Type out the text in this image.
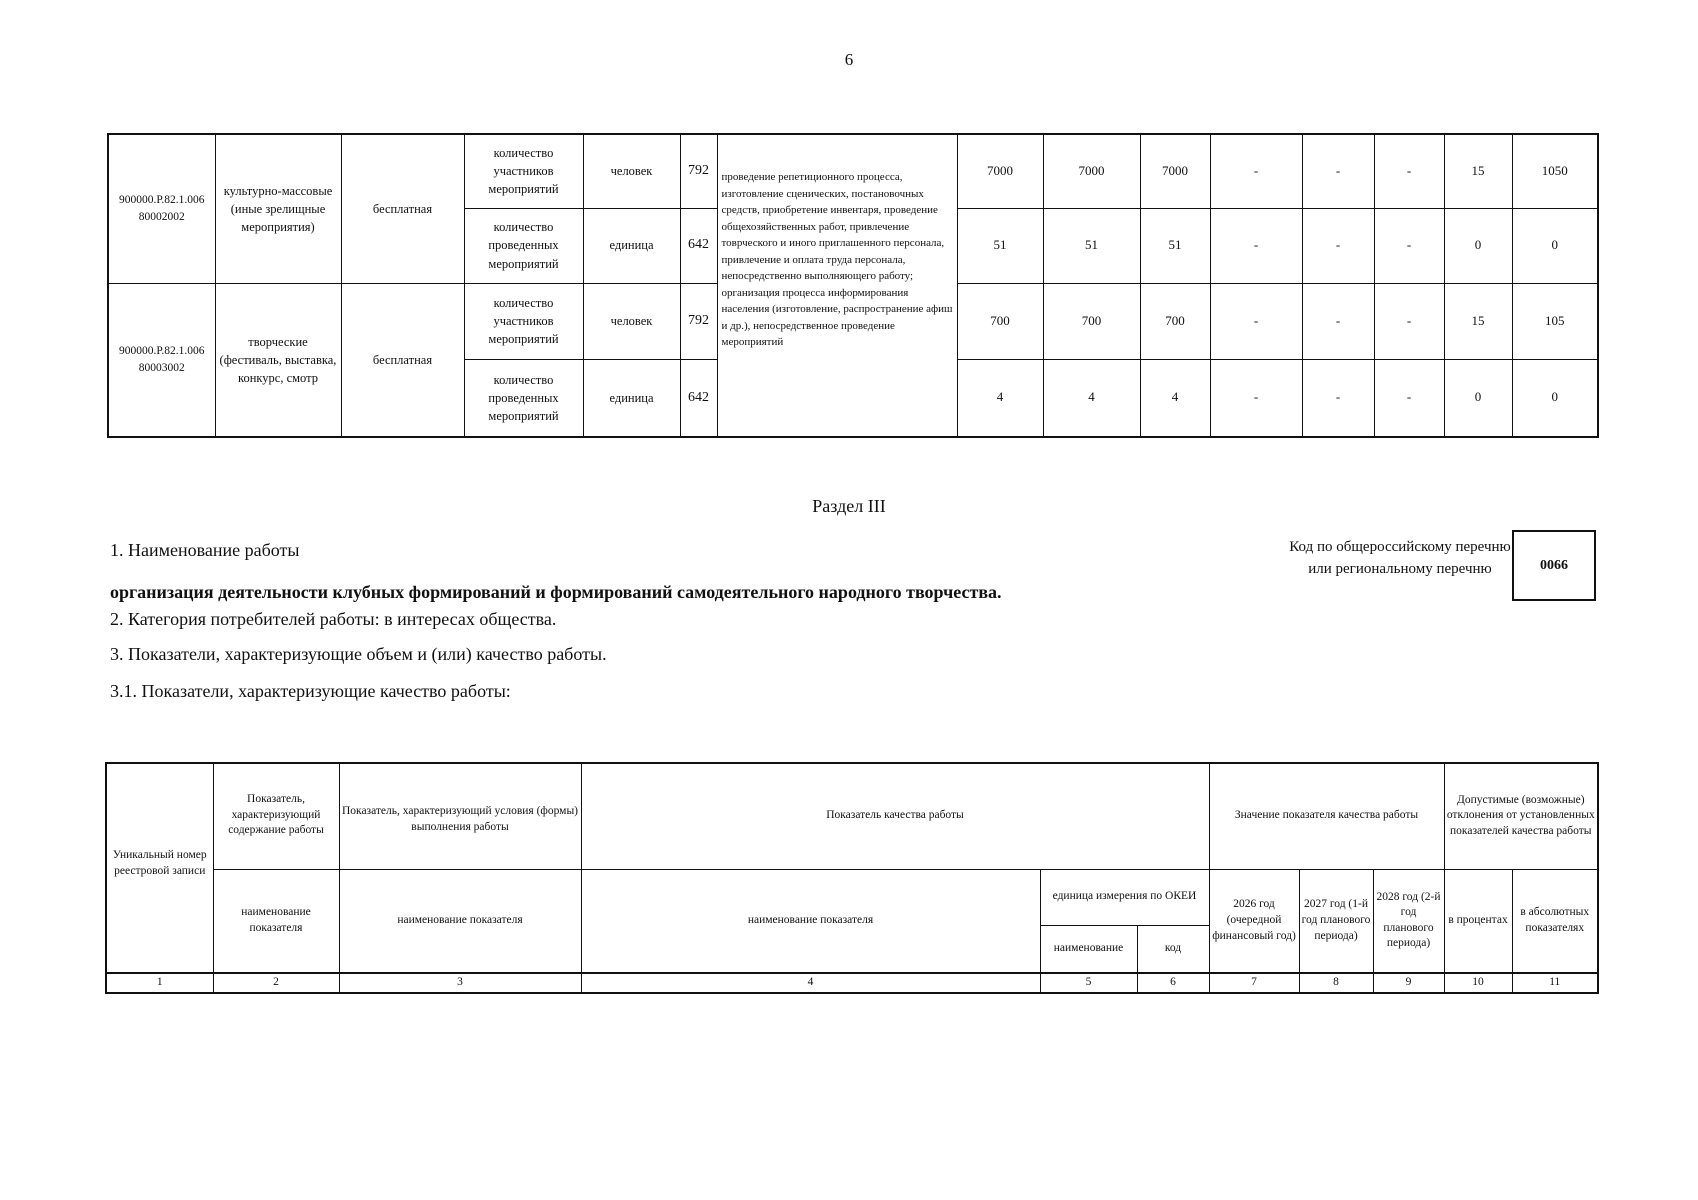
6
900000.Р.82.1.006 80002002	культурно-массовые (иные зрелищные мероприятия)	бесплатная	количество участников мероприятий	человек	792	проведение репетиционного процесса, изготовление сценических, постановочных средств, приобретение инвентаря, проведение общехозяйственных работ, привлечение товрческого и иного приглашенного персонала, привлечение и оплата труда персонала, непосредственно выполняющего работу; организация процесса информирования населения (изготовление, распространение афиш и др.), непосредственное проведение мероприятий	7000	7000	7000	-	-	-	15	1050
			количество проведенных мероприятий	единица	642		51	51	51	-	-	-	0	0
900000.Р.82.1.006 80003002	творческие (фестиваль, выставка, конкурс, смотр	бесплатная	количество участников мероприятий	человек	792		700	700	700	-	-	-	15	105
			количество проведенных мероприятий	единица	642		4	4	4	-	-	-	0	0
Раздел III
1. Наименование работы
организация деятельности клубных формирований и формирований самодеятельного народного творчества.
2. Категория потребителей работы: в интересах общества.
3. Показатели, характеризующие объем и (или) качество работы.
3.1. Показатели, характеризующие качество работы:
Код по общероссийскому перечню или региональному перечню	0066
Уникальный номер реестровой записи	Показатель, характеризующий содержание работы	Показатель, характеризующий условия (формы) выполнения работы	Показатель качества работы			Значение показателя качества работы			Допустимые (возможные) отклонения от установленных показателей качества работы	
	наименование показателя	наименование показателя	наименование показателя	единица измерения по ОКЕИ		2026 год (очередной финансовый год)	2027 год (1-й год планового периода)	2028 год (2-й год планового периода)	в процентах	в абсолютных показателях
				наименование	код					
1	2	3	4	5	6	7	8	9	10	11
